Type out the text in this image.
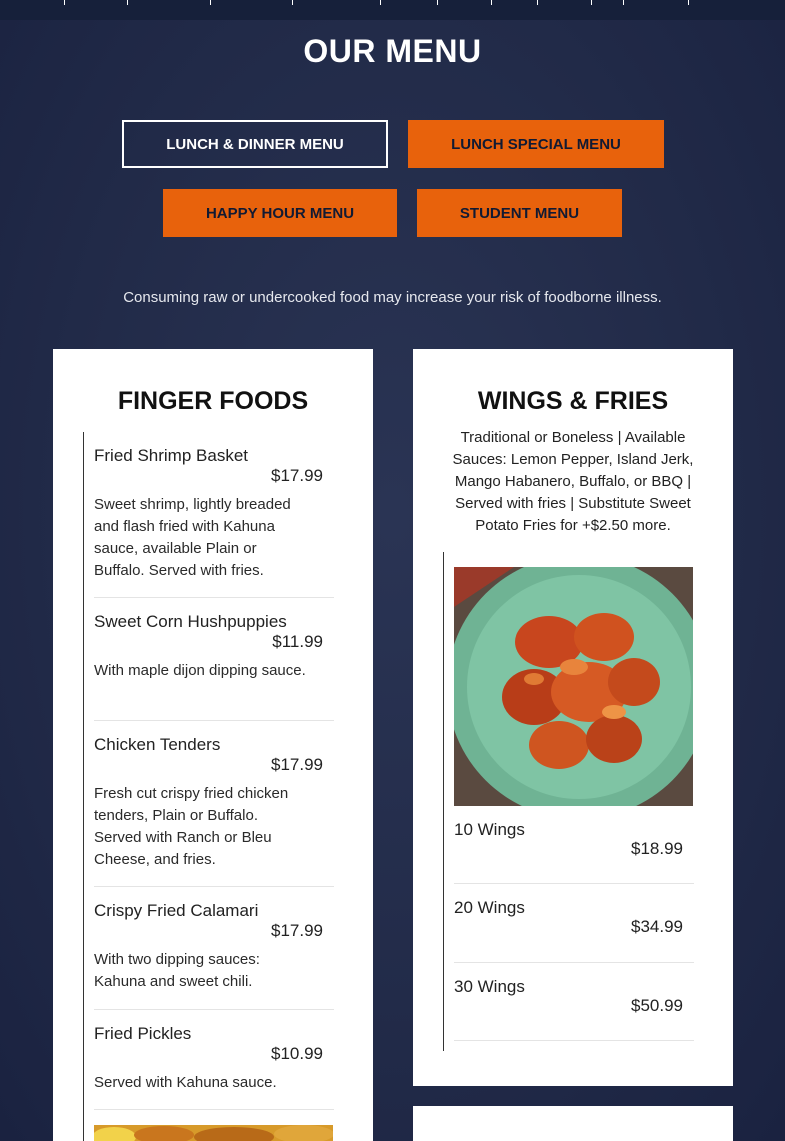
OUR MENU
LUNCH & DINNER MENU	LUNCH SPECIAL MENU
HAPPY HOUR MENU	STUDENT MENU

Consuming raw or undercooked food may increase your risk of foodborne illness.

FINGER FOODS
Fried Shrimp Basket
$17.99

Sweet shrimp, lightly breaded and flash fried with Kahuna sauce, available Plain or Buffalo. Served with fries.

Sweet Corn Hushpuppies
$11.99

With maple dijon dipping sauce.

Chicken Tenders
$17.99

Fresh cut crispy fried chicken tenders, Plain or Buffalo. Served with Ranch or Bleu Cheese, and fries.

Crispy Fried Calamari
$17.99

With two dipping sauces: Kahuna and sweet chili.

Fried Pickles
$10.99

Served with Kahuna sauce.

WINGS & FRIES

Traditional or Boneless | Available Sauces: Lemon Pepper, Island Jerk, Mango Habanero, Buffalo, or BBQ | Served with fries | Substitute Sweet Potato Fries for +$2.50 more.

10 Wings
$18.99
20 Wings
$34.99
30 Wings
$50.99
